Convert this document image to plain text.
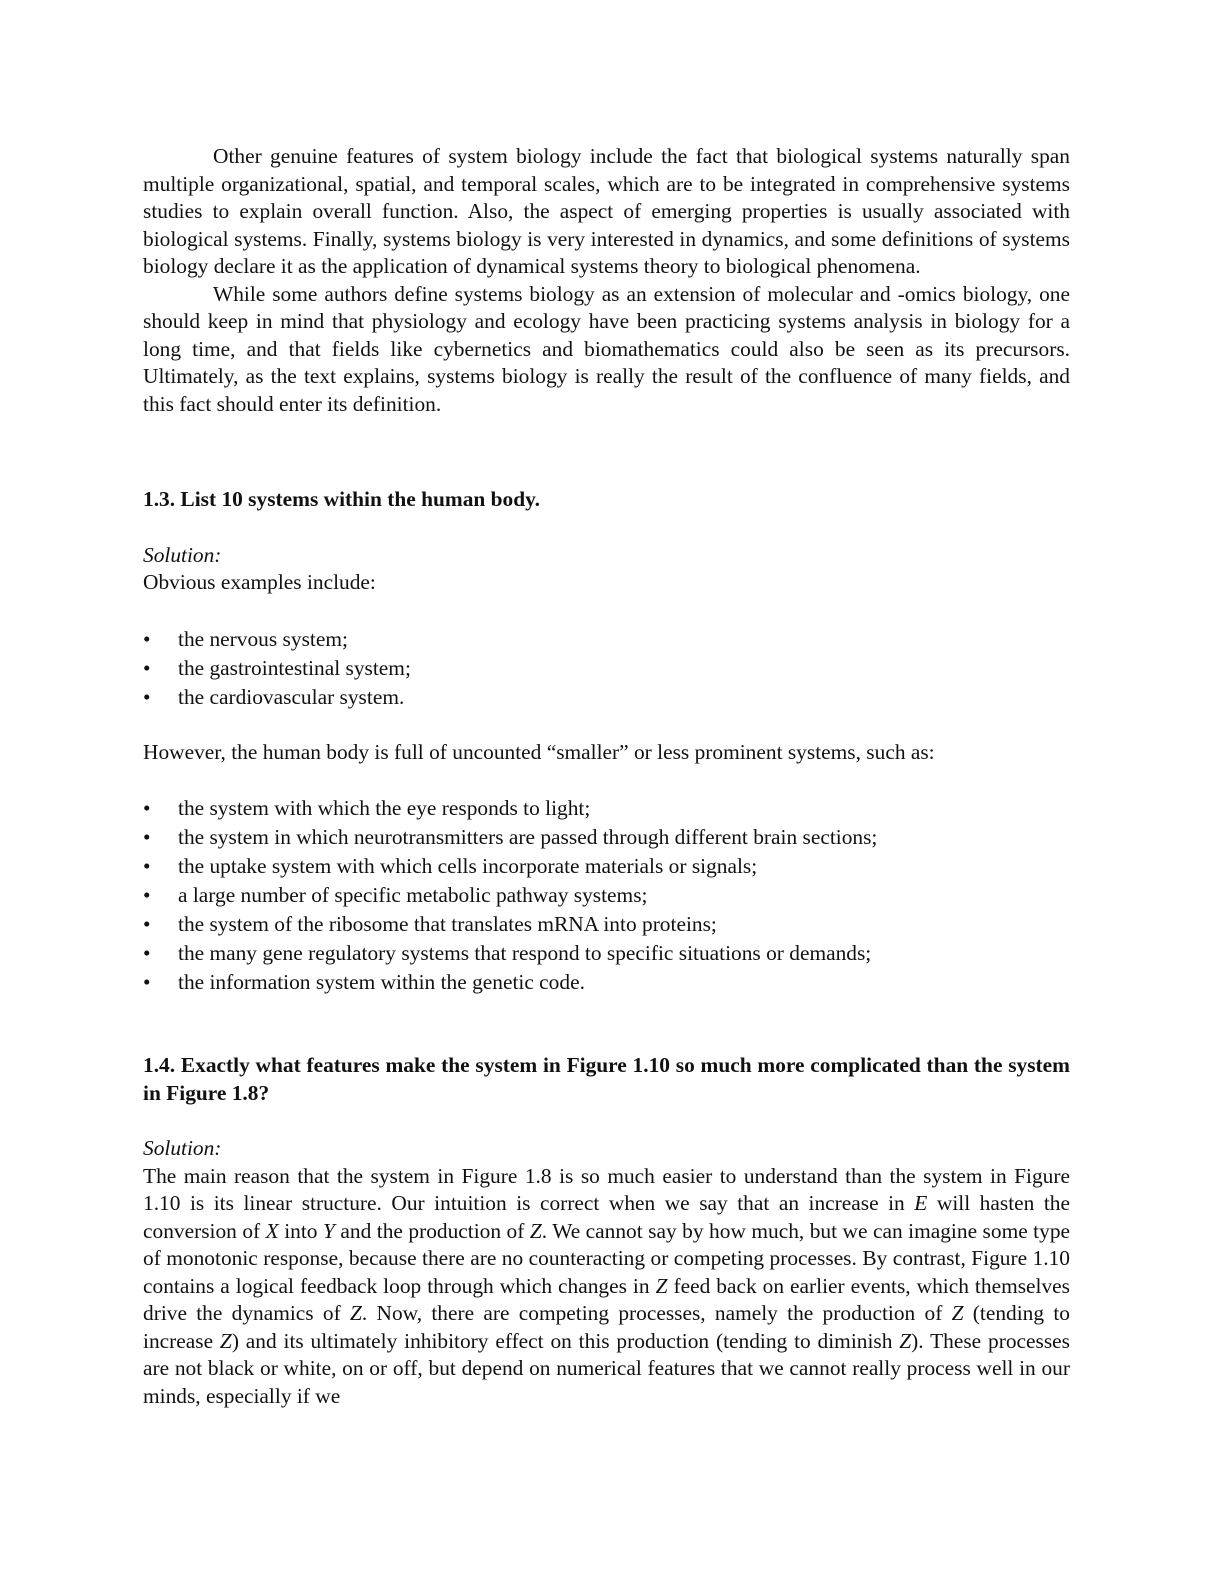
Other genuine features of system biology include the fact that biological systems naturally span multiple organizational, spatial, and temporal scales, which are to be integrated in comprehensive systems studies to explain overall function. Also, the aspect of emerging properties is usually associated with biological systems. Finally, systems biology is very interested in dynamics, and some definitions of systems biology declare it as the application of dynamical systems theory to biological phenomena.

While some authors define systems biology as an extension of molecular and -omics biology, one should keep in mind that physiology and ecology have been practicing systems analysis in biology for a long time, and that fields like cybernetics and biomathematics could also be seen as its precursors. Ultimately, as the text explains, systems biology is really the result of the confluence of many fields, and this fact should enter its definition.

1.3. List 10 systems within the human body.

Solution:

Obvious examples include:

• the nervous system;
• the gastrointestinal system;
• the cardiovascular system.

However, the human body is full of uncounted “smaller” or less prominent systems, such as:

• the system with which the eye responds to light;
• the system in which neurotransmitters are passed through different brain sections;
• the uptake system with which cells incorporate materials or signals;
• a large number of specific metabolic pathway systems;
• the system of the ribosome that translates mRNA into proteins;
• the many gene regulatory systems that respond to specific situations or demands;
• the information system within the genetic code.

1.4. Exactly what features make the system in Figure 1.10 so much more complicated than the system in Figure 1.8?

Solution:

The main reason that the system in Figure 1.8 is so much easier to understand than the system in Figure 1.10 is its linear structure. Our intuition is correct when we say that an increase in E will hasten the conversion of X into Y and the production of Z. We cannot say by how much, but we can imagine some type of monotonic response, because there are no counteracting or competing processes. By contrast, Figure 1.10 contains a logical feedback loop through which changes in Z feed back on earlier events, which themselves drive the dynamics of Z. Now, there are competing processes, namely the production of Z (tending to increase Z) and its ultimately inhibitory effect on this production (tending to diminish Z). These processes are not black or white, on or off, but depend on numerical features that we cannot really process well in our minds, especially if we
